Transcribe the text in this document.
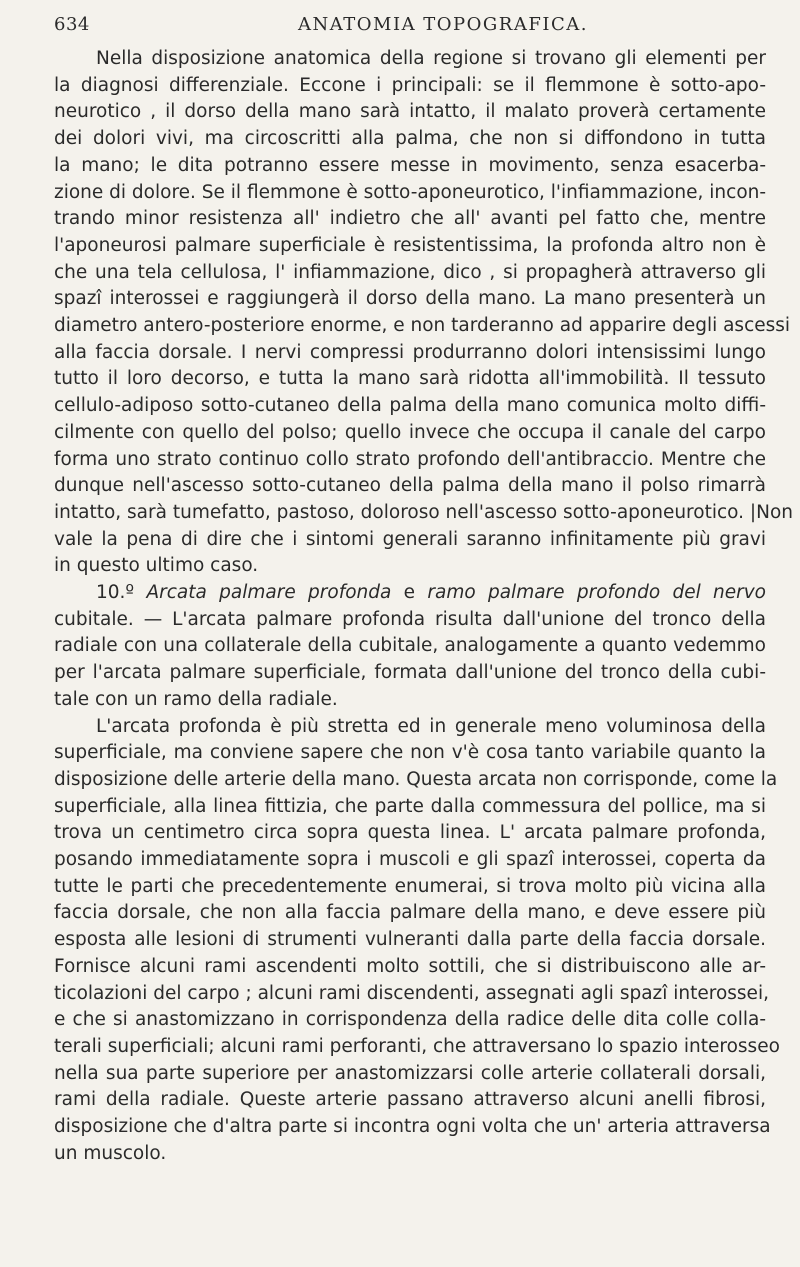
634	ANATOMIA TOPOGRAFICA.
Nella disposizione anatomica della regione si trovano gli elementi per
la diagnosi differenziale. Eccone i principali: se il flemmone è sotto-apo-
neurotico , il dorso della mano sarà intatto, il malato proverà certamente
dei dolori vivi, ma circoscritti alla palma, che non si diffondono in tutta
la mano; le dita potranno essere messe in movimento, senza esacerba-
zione di dolore. Se il flemmone è sotto-aponeurotico, l'infiammazione, incon-
trando minor resistenza all' indietro che all' avanti pel fatto che, mentre
l'aponeurosi palmare superficiale è resistentissima, la profonda altro non è
che una tela cellulosa, l' infiammazione, dico , si propagherà attraverso gli
spazî interossei e raggiungerà il dorso della mano. La mano presenterà un
diametro antero-posteriore enorme, e non tarderanno ad apparire degli ascessi
alla faccia dorsale. I nervi compressi produrranno dolori intensissimi lungo
tutto il loro decorso, e tutta la mano sarà ridotta all'immobilità. Il tessuto
cellulo-adiposo sotto-cutaneo della palma della mano comunica molto diffi-
cilmente con quello del polso; quello invece che occupa il canale del carpo
forma uno strato continuo collo strato profondo dell'antibraccio. Mentre che
dunque nell'ascesso sotto-cutaneo della palma della mano il polso rimarrà
intatto, sarà tumefatto, pastoso, doloroso nell'ascesso sotto-aponeurotico. |Non
vale la pena di dire che i sintomi generali saranno infinitamente più gravi
in questo ultimo caso.
10.º Arcata palmare profonda e ramo palmare profondo del nervo
cubitale. — L'arcata palmare profonda risulta dall'unione del tronco della
radiale con una collaterale della cubitale, analogamente a quanto vedemmo
per l'arcata palmare superficiale, formata dall'unione del tronco della cubi-
tale con un ramo della radiale.
L'arcata profonda è più stretta ed in generale meno voluminosa della
superficiale, ma conviene sapere che non v'è cosa tanto variabile quanto la
disposizione delle arterie della mano. Questa arcata non corrisponde, come la
superficiale, alla linea fittizia, che parte dalla commessura del pollice, ma si
trova un centimetro circa sopra questa linea. L' arcata palmare profonda,
posando immediatamente sopra i muscoli e gli spazî interossei, coperta da
tutte le parti che precedentemente enumerai, si trova molto più vicina alla
faccia dorsale, che non alla faccia palmare della mano, e deve essere più
esposta alle lesioni di strumenti vulneranti dalla parte della faccia dorsale.
Fornisce alcuni rami ascendenti molto sottili, che si distribuiscono alle ar-
ticolazioni del carpo ; alcuni rami discendenti, assegnati agli spazî interossei,
e che si anastomizzano in corrispondenza della radice delle dita colle colla-
terali superficiali; alcuni rami perforanti, che attraversano lo spazio interosseo
nella sua parte superiore per anastomizzarsi colle arterie collaterali dorsali,
rami della radiale. Queste arterie passano attraverso alcuni anelli fibrosi,
disposizione che d'altra parte si incontra ogni volta che un' arteria attraversa
un muscolo.
